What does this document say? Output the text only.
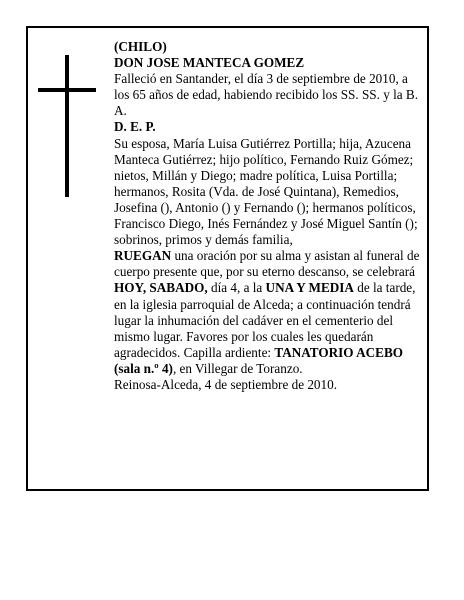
(CHILO)

DON JOSE MANTECA GOMEZ

Falleció en Santander, el día 3 de septiembre de 2010, a los 65 años de edad, habiendo recibido los SS. SS. y la B. A.

D. E. P.

Su esposa, María Luisa Gutiérrez Portilla; hija, Azucena Manteca Gutiérrez; hijo político, Fernando Ruiz Gómez; nietos, Millán y Diego; madre política, Luisa Portilla; hermanos, Rosita (Vda. de José Quintana), Remedios, Josefina (), Antonio () y Fernando (); hermanos políticos, Francisco Diego, Inés Fernández y José Miguel Santín (); sobrinos, primos y demás familia,

RUEGAN una oración por su alma y asistan al funeral de cuerpo presente que, por su eterno descanso, se celebrará HOY, SABADO, día 4, a la UNA Y MEDIA de la tarde, en la iglesia parroquial de Alceda; a continuación tendrá lugar la inhumación del cadáver en el cementerio del mismo lugar. Favores por los cuales les quedarán agradecidos. Capilla ardiente: TANATORIO ACEBO (sala n.º 4), en Villegar de Toranzo.

Reinosa-Alceda, 4 de septiembre de 2010.
